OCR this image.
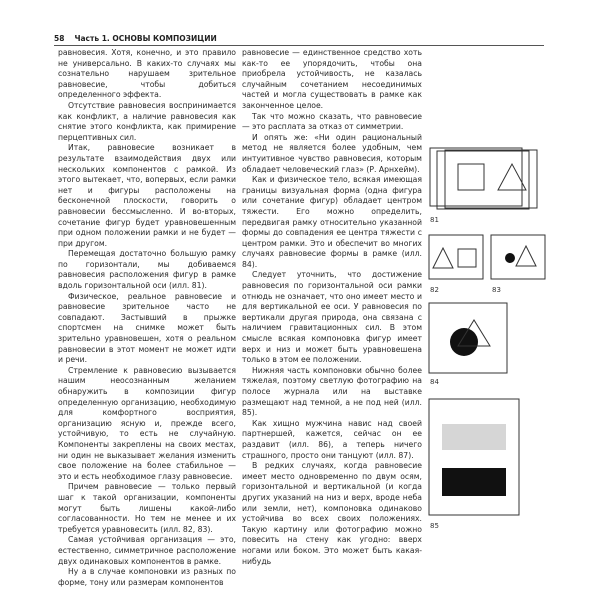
58 Часть 1. ОСНОВЫ КОМПОЗИЦИИ

равновесия. Хотя, конечно, и это правило не универсально. В каких-то случаях мы сознательно нарушаем зрительное равновесие, чтобы добиться определенного эффекта.

Отсутствие равновесия воспринимается как конфликт, а наличие равновесия как снятие этого конфликта, как примирение перцептивных сил.

Итак, равновесие возникает в результате взаимодействия двух или нескольких компонентов с рамкой. Из этого вытекает, что, вопервых, если рамки нет и фигуры расположены на бесконечной плоскости, говорить о равновесии бессмысленно. И во-вторых, сочетание фигур будет уравновешенным при одном положении рамки и не будет — при другом.

Перемещая достаточно большую рамку по горизонтали, мы добиваемся равновесия расположения фигур в рамке вдоль горизонтальной оси (илл. 81).

Физическое, реальное равновесие и равновесие зрительное часто не совпадают. Застывший в прыжке спортсмен на снимке может быть зрительно уравновешен, хотя о реальном равновесии в этот момент не может идти и речи.

Стремление к равновесию вызывается нашим неосознанным желанием обнаружить в композиции фигур определенную организацию, необходимую для комфортного восприятия, организацию ясную и, прежде всего, устойчивую, то есть не случайную. Компоненты закреплены на своих местах, ни один не выказывает желания изменить свое положение на более стабильное — это и есть необходимое глазу равновесие.

Причем равновесие — только первый шаг к такой организации, компоненты могут быть лишены какой-либо согласованности. Но тем не менее и их требуется уравновесить (илл. 82, 83).

Самая устойчивая организация — это, естественно, симметричное расположение двух одинаковых компонентов в рамке.

Ну а в случае компоновки из разных по форме, тону или размерам компонентов

равновесие — единственное средство хоть как-то ее упорядочить, чтобы она приобрела устойчивость, не казалась случайным сочетанием несоединимых частей и могла существовать в рамке как законченное целое.

Так что можно сказать, что равновесие — это расплата за отказ от симметрии.

И опять же: «Ни один рациональный метод не является более удобным, чем интуитивное чувство равновесия, которым обладает человеческий глаз» (Р. Арнхейм).

Как и физическое тело, всякая имеющая границы визуальная форма (одна фигура или сочетание фигур) обладает центром тяжести. Его можно определить, передвигая рамку относительно указанной формы до совпадения ее центра тяжести с центром рамки. Это и обеспечит во многих случаях равновесие формы в рамке (илл. 84).

Следует уточнить, что достижение равновесия по горизонтальной оси рамки отнюдь не означает, что оно имеет место и для вертикальной ее оси. У равновесия по вертикали другая природа, она связана с наличием гравитационных сил. В этом смысле всякая компоновка фигур имеет верх и низ и может быть уравновешена только в этом ее положении.

Нижняя часть компоновки обычно более тяжелая, поэтому светлую фотографию на полосе журнала или на выставке размещают над темной, а не под ней (илл. 85).

Как хищно мужчина навис над своей партнершей, кажется, сейчас он ее раздавит (илл. 86), а теперь ничего страшного, просто они танцуют (илл. 87).

В редких случаях, когда равновесие имеет место одновременно по двум осям, горизонтальной и вертикальной (и когда других указаний на низ и верх, вроде неба или земли, нет), компоновка одинаково устойчива во всех своих положениях. Такую картину или фотографию можно повесить на стену как угодно: вверх ногами или боком. Это может быть какая-нибудь

81
82	83
84
85
